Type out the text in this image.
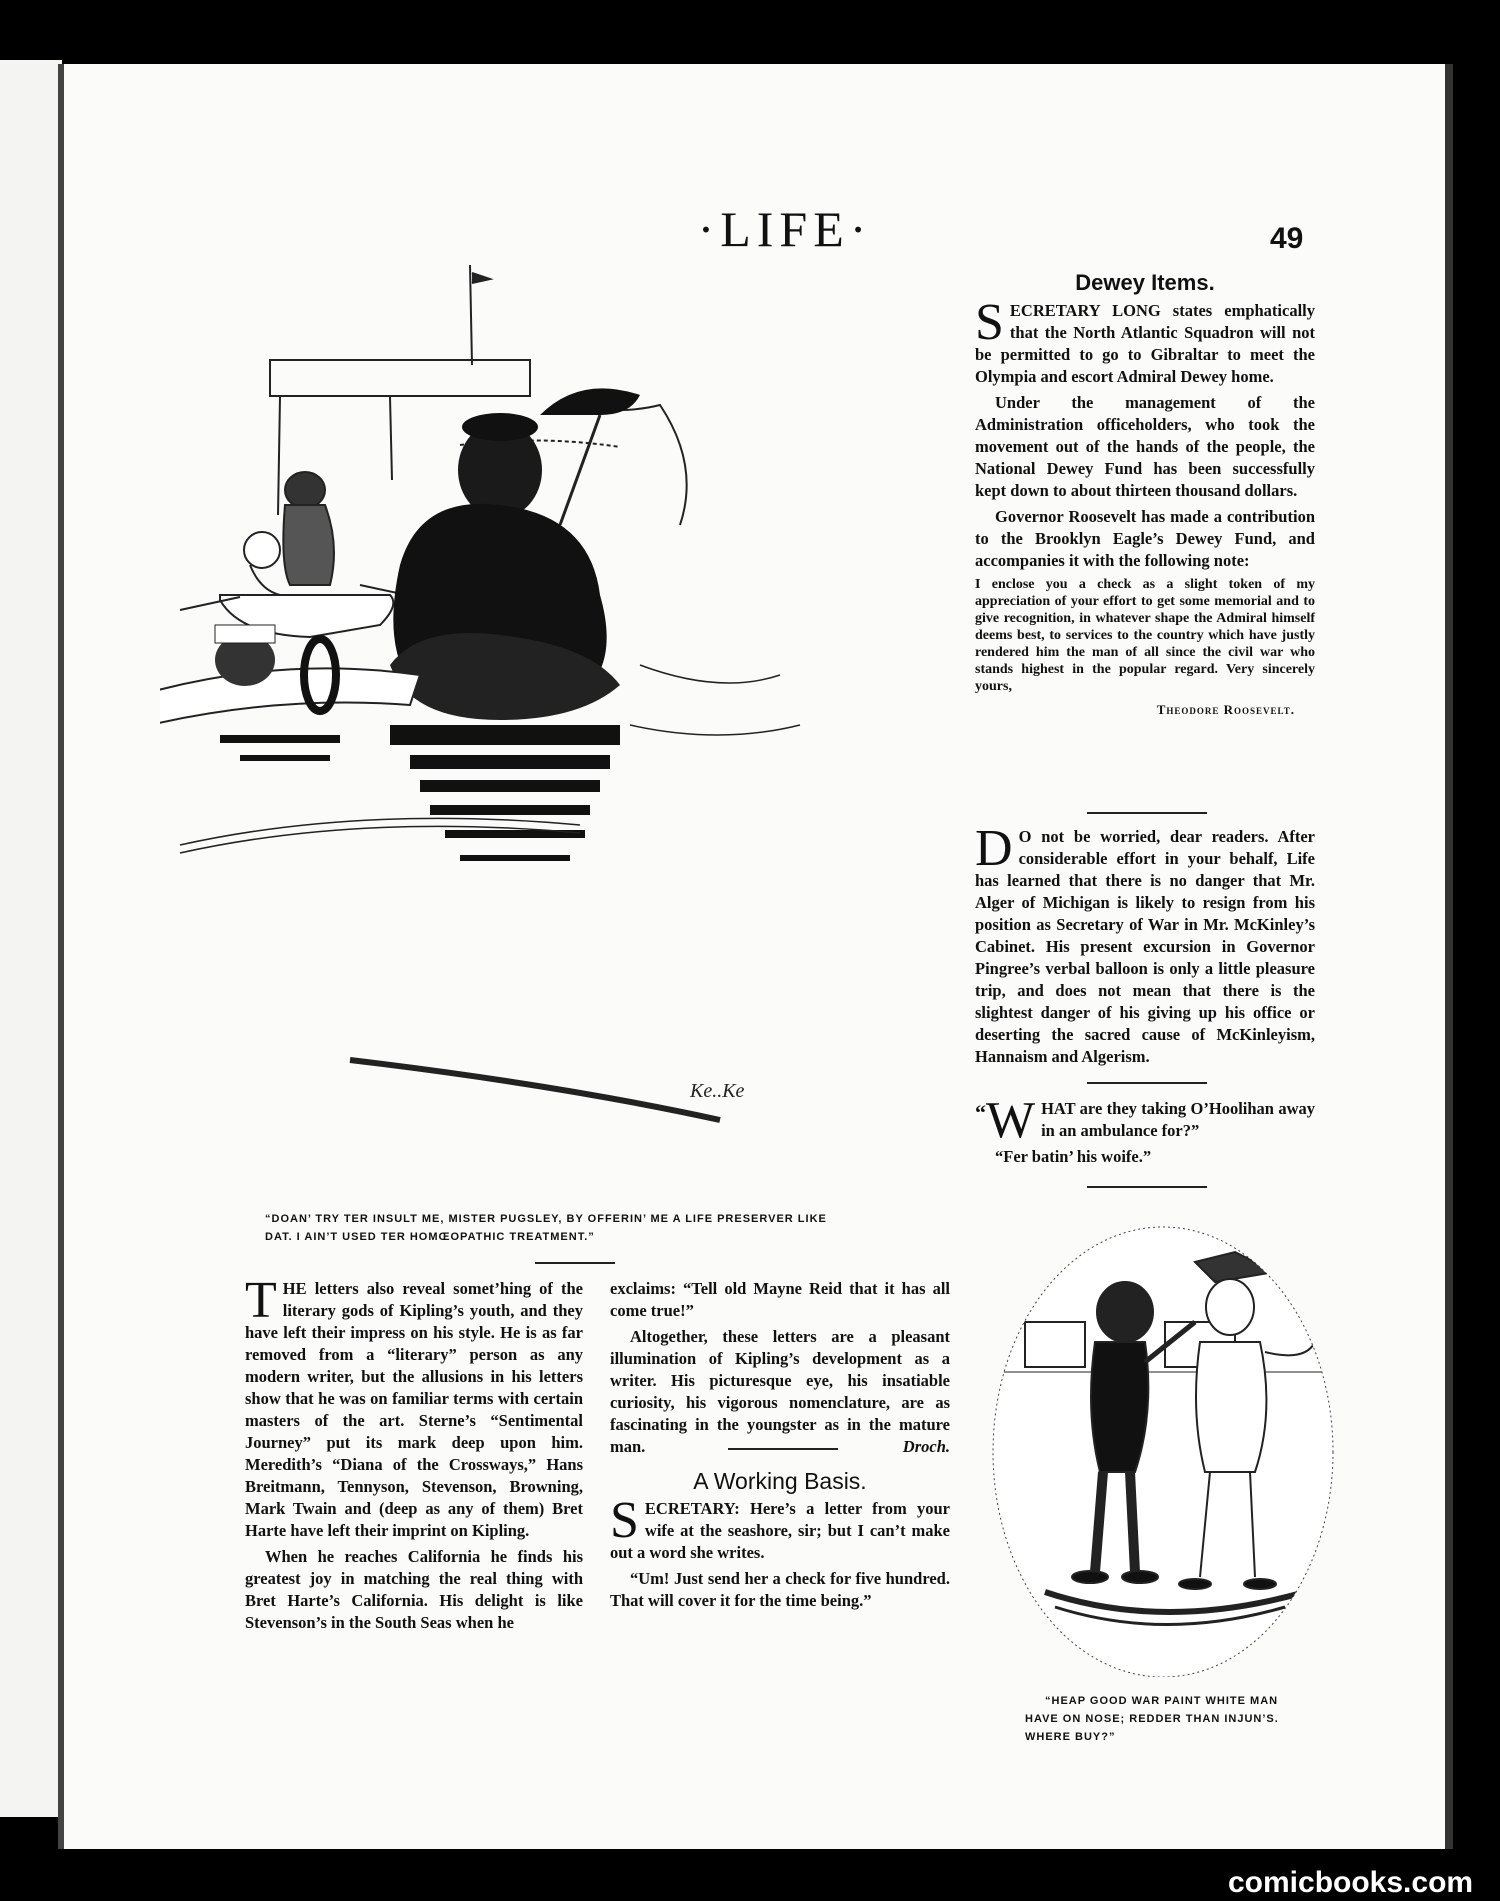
·LIFE·	49
Ke..Ke
“DOAN’ TRY TER INSULT ME, MISTER PUGSLEY, BY OFFERIN’ ME A LIFE PRESERVER LIKE
DAT. I AIN’T USED TER HOMŒOPATHIC TREATMENT.”

THE letters also reveal somet’hing of the literary gods of Kipling’s youth, and they have left their impress on his style. He is as far removed from a “literary” person as any modern writer, but the allusions in his letters show that he was on familiar terms with certain masters of the art. Sterne’s “Sentimental Journey” put its mark deep upon him. Meredith’s “Diana of the Crossways,” Hans Breitmann, Tennyson, Stevenson, Browning, Mark Twain and (deep as any of them) Bret Harte have left their imprint on Kipling.

When he reaches California he finds his greatest joy in matching the real thing with Bret Harte’s California. His delight is like Stevenson’s in the South Seas when he

exclaims: “Tell old Mayne Reid that it has all come true!”

Altogether, these letters are a pleasant illumination of Kipling’s development as a writer. His picturesque eye, his insatiable curiosity, his vigorous nomenclature, are as fascinating in the youngster as in the mature man.	Droch.

A Working Basis.

SECRETARY: Here’s a letter from your wife at the seashore, sir; but I can’t make out a word she writes.

“Um! Just send her a check for five hundred. That will cover it for the time being.”

Dewey Items.

SECRETARY LONG states emphatically that the North Atlantic Squadron will not be permitted to go to Gibraltar to meet the Olympia and escort Admiral Dewey home.

Under the management of the Administration officeholders, who took the movement out of the hands of the people, the National Dewey Fund has been successfully kept down to about thirteen thousand dollars.

Governor Roosevelt has made a contribution to the Brooklyn Eagle’s Dewey Fund, and accompanies it with the following note:

I enclose you a check as a slight token of my appreciation of your effort to get some memorial and to give recognition, in whatever shape the Admiral himself deems best, to services to the country which have justly rendered him the man of all since the civil war who stands highest in the popular regard. Very sincerely yours,

Theodore Roosevelt.

D O not be worried, dear readers. After considerable effort in your behalf, Life has learned that there is no danger that Mr. Alger of Michigan is likely to resign from his position as Secretary of War in Mr. McKinley’s Cabinet. His present excursion in Governor Pingree’s verbal balloon is only a little pleasure trip, and does not mean that there is the slightest danger of his giving up his office or deserting the sacred cause of McKinleyism, Hannaism and Algerism.

“ W HAT are they taking O’Hoolihan away in an ambulance for?”

“Fer batin’ his woife.”

“HEAP GOOD WAR PAINT WHITE MAN
HAVE ON NOSE; REDDER THAN INJUN’S.
WHERE BUY?”
comicbooks.com
